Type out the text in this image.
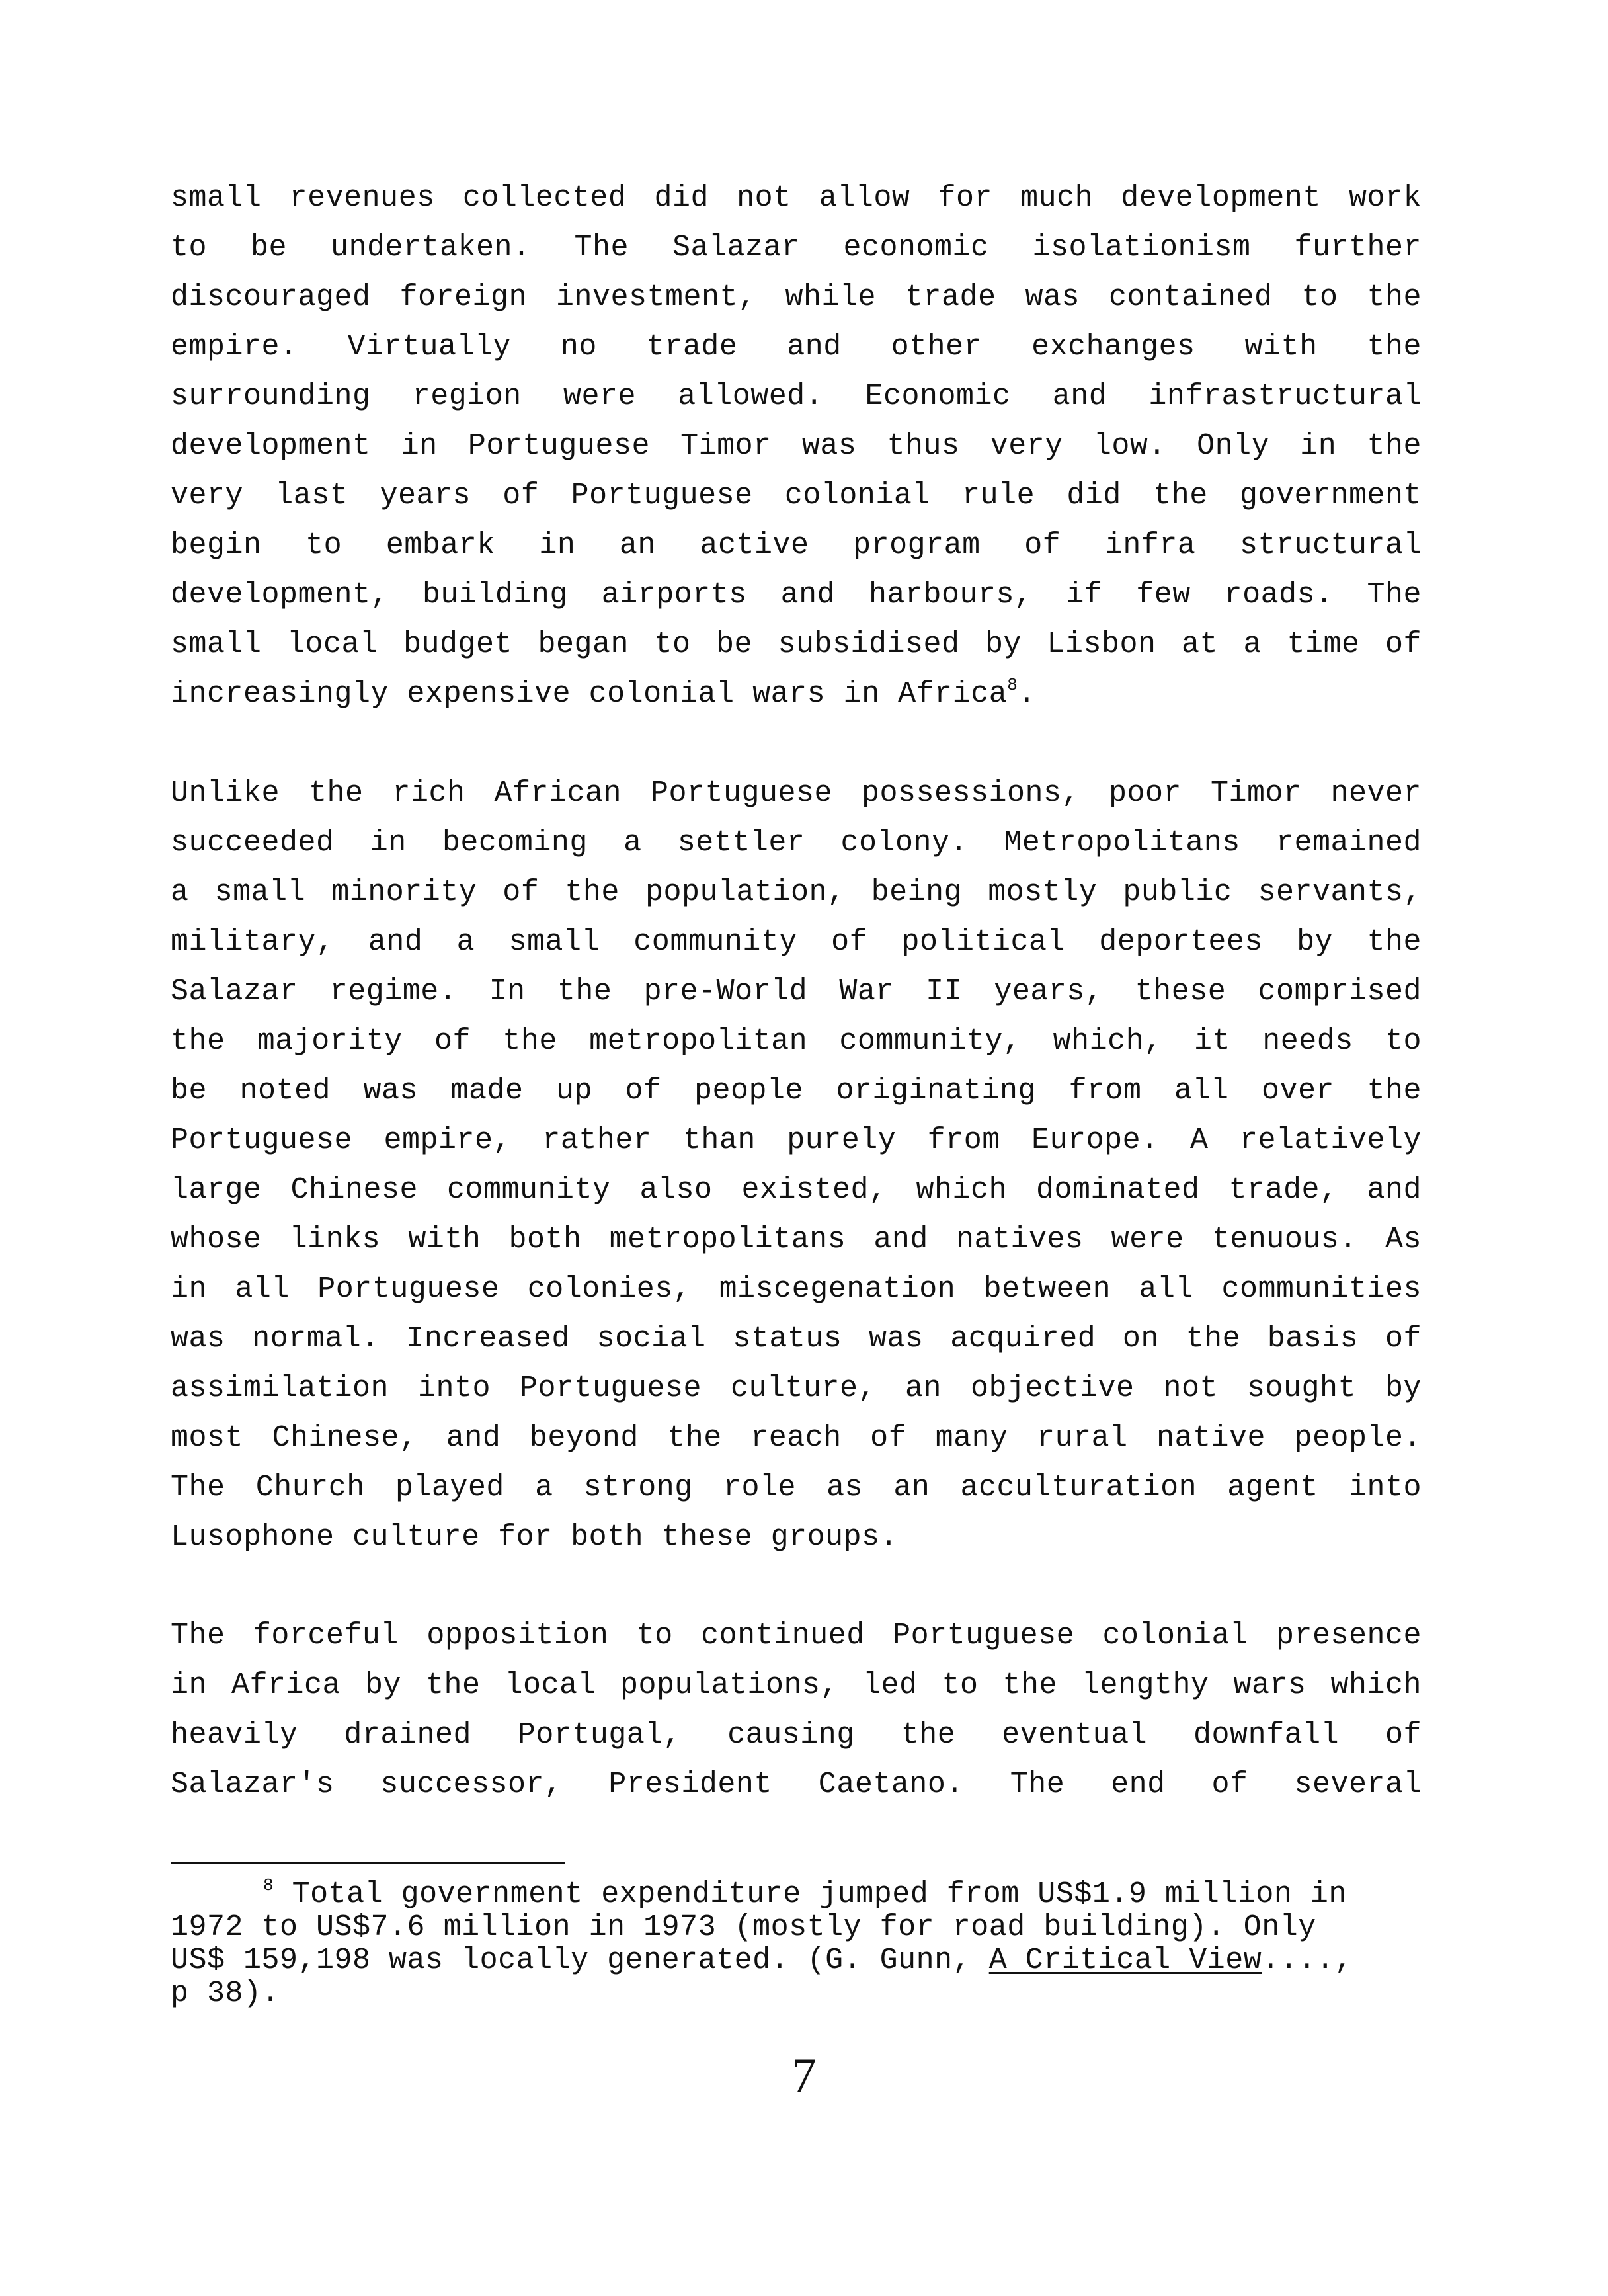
small revenues collected did not allow for much development work
to be undertaken. The Salazar economic isolationism further
discouraged foreign investment, while trade was contained to the
empire. Virtually no trade and other exchanges with the
surrounding region were allowed. Economic and infrastructural
development in Portuguese Timor was thus very low. Only in the
very last years of Portuguese colonial rule did the government
begin to embark in an active program of infra structural
development, building airports and harbours, if few roads. The
small local budget began to be subsidised by Lisbon at a time of
increasingly expensive colonial wars in Africa$^8$.
Unlike the rich African Portuguese possessions, poor Timor never
succeeded in becoming a settler colony. Metropolitans remained
a small minority of the population, being mostly public servants,
military, and a small community of political deportees by the
Salazar regime. In the pre-World War II years, these comprised
the majority of the metropolitan community, which, it needs to
be noted was made up of people originating from all over the
Portuguese empire, rather than purely from Europe. A relatively
large Chinese community also existed, which dominated trade, and
whose links with both metropolitans and natives were tenuous. As
in all Portuguese colonies, miscegenation between all communities
was normal. Increased social status was acquired on the basis of
assimilation into Portuguese culture, an objective not sought by
most Chinese, and beyond the reach of many rural native people.
The Church played a strong role as an acculturation agent into
Lusophone culture for both these groups.
The forceful opposition to continued Portuguese colonial presence
in Africa by the local populations, led to the lengthy wars which
heavily drained Portugal, causing the eventual downfall of
Salazar's successor, President Caetano. The end of several
$^8$ Total government expenditure jumped from US$1.9 million in
1972 to US$7.6 million in 1973 (mostly for road building). Only
US$ 159,198 was locally generated. (G. Gunn, A Critical View....,
p 38).
7
